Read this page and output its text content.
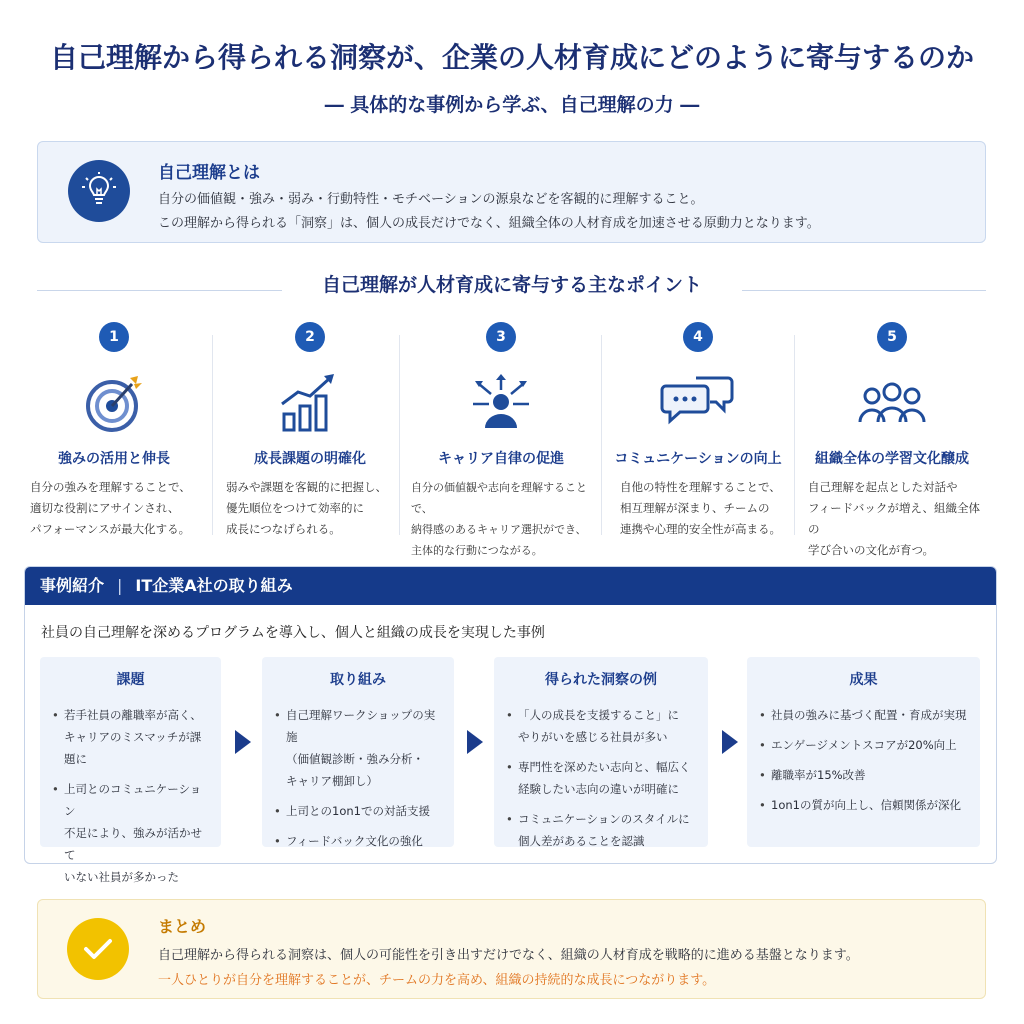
自己理解から得られる洞察が、企業の人材育成にどのように寄与するのか
― 具体的な事例から学ぶ、自己理解の力 ―
自己理解とは
自分の価値観・強み・弱み・行動特性・モチベーションの源泉などを客観的に理解すること。
この理解から得られる「洞察」は、個人の成長だけでなく、組織全体の人材育成を加速させる原動力となります。
自己理解が人材育成に寄与する主なポイント
1
強みの活用と伸長
自分の強みを理解することで、
適切な役割にアサインされ、
パフォーマンスが最大化する。
2
成長課題の明確化
弱みや課題を客観的に把握し、
優先順位をつけて効率的に
成長につなげられる。
3
キャリア自律の促進
自分の価値観や志向を理解することで、
納得感のあるキャリア選択ができ、
主体的な行動につながる。
4
コミュニケーションの向上
自他の特性を理解することで、
相互理解が深まり、チームの
連携や心理的安全性が高まる。
5
組織全体の学習文化醸成
自己理解を起点とした対話や
フィードバックが増え、組織全体の
学び合いの文化が育つ。
事例紹介 | IT企業A社の取り組み
社員の自己理解を深めるプログラムを導入し、個人と組織の成長を実現した事例
課題
• 若手社員の離職率が高く、
キャリアのミスマッチが課題に
• 上司とのコミュニケーション
不足により、強みが活かせて
いない社員が多かった
取り組み
• 自己理解ワークショップの実施
（価値観診断・強み分析・
キャリア棚卸し）
• 上司との1on1での対話支援
• フィードバック文化の強化
得られた洞察の例
• 「人の成長を支援すること」に
やりがいを感じる社員が多い
• 専門性を深めたい志向と、幅広く
経験したい志向の違いが明確に
• コミュニケーションのスタイルに
個人差があることを認識
成果
• 社員の強みに基づく配置・育成が実現
• エンゲージメントスコアが20%向上
• 離職率が15%改善
• 1on1の質が向上し、信頼関係が深化
まとめ
自己理解から得られる洞察は、個人の可能性を引き出すだけでなく、組織の人材育成を戦略的に進める基盤となります。
一人ひとりが自分を理解することが、チームの力を高め、組織の持続的な成長につながります。
